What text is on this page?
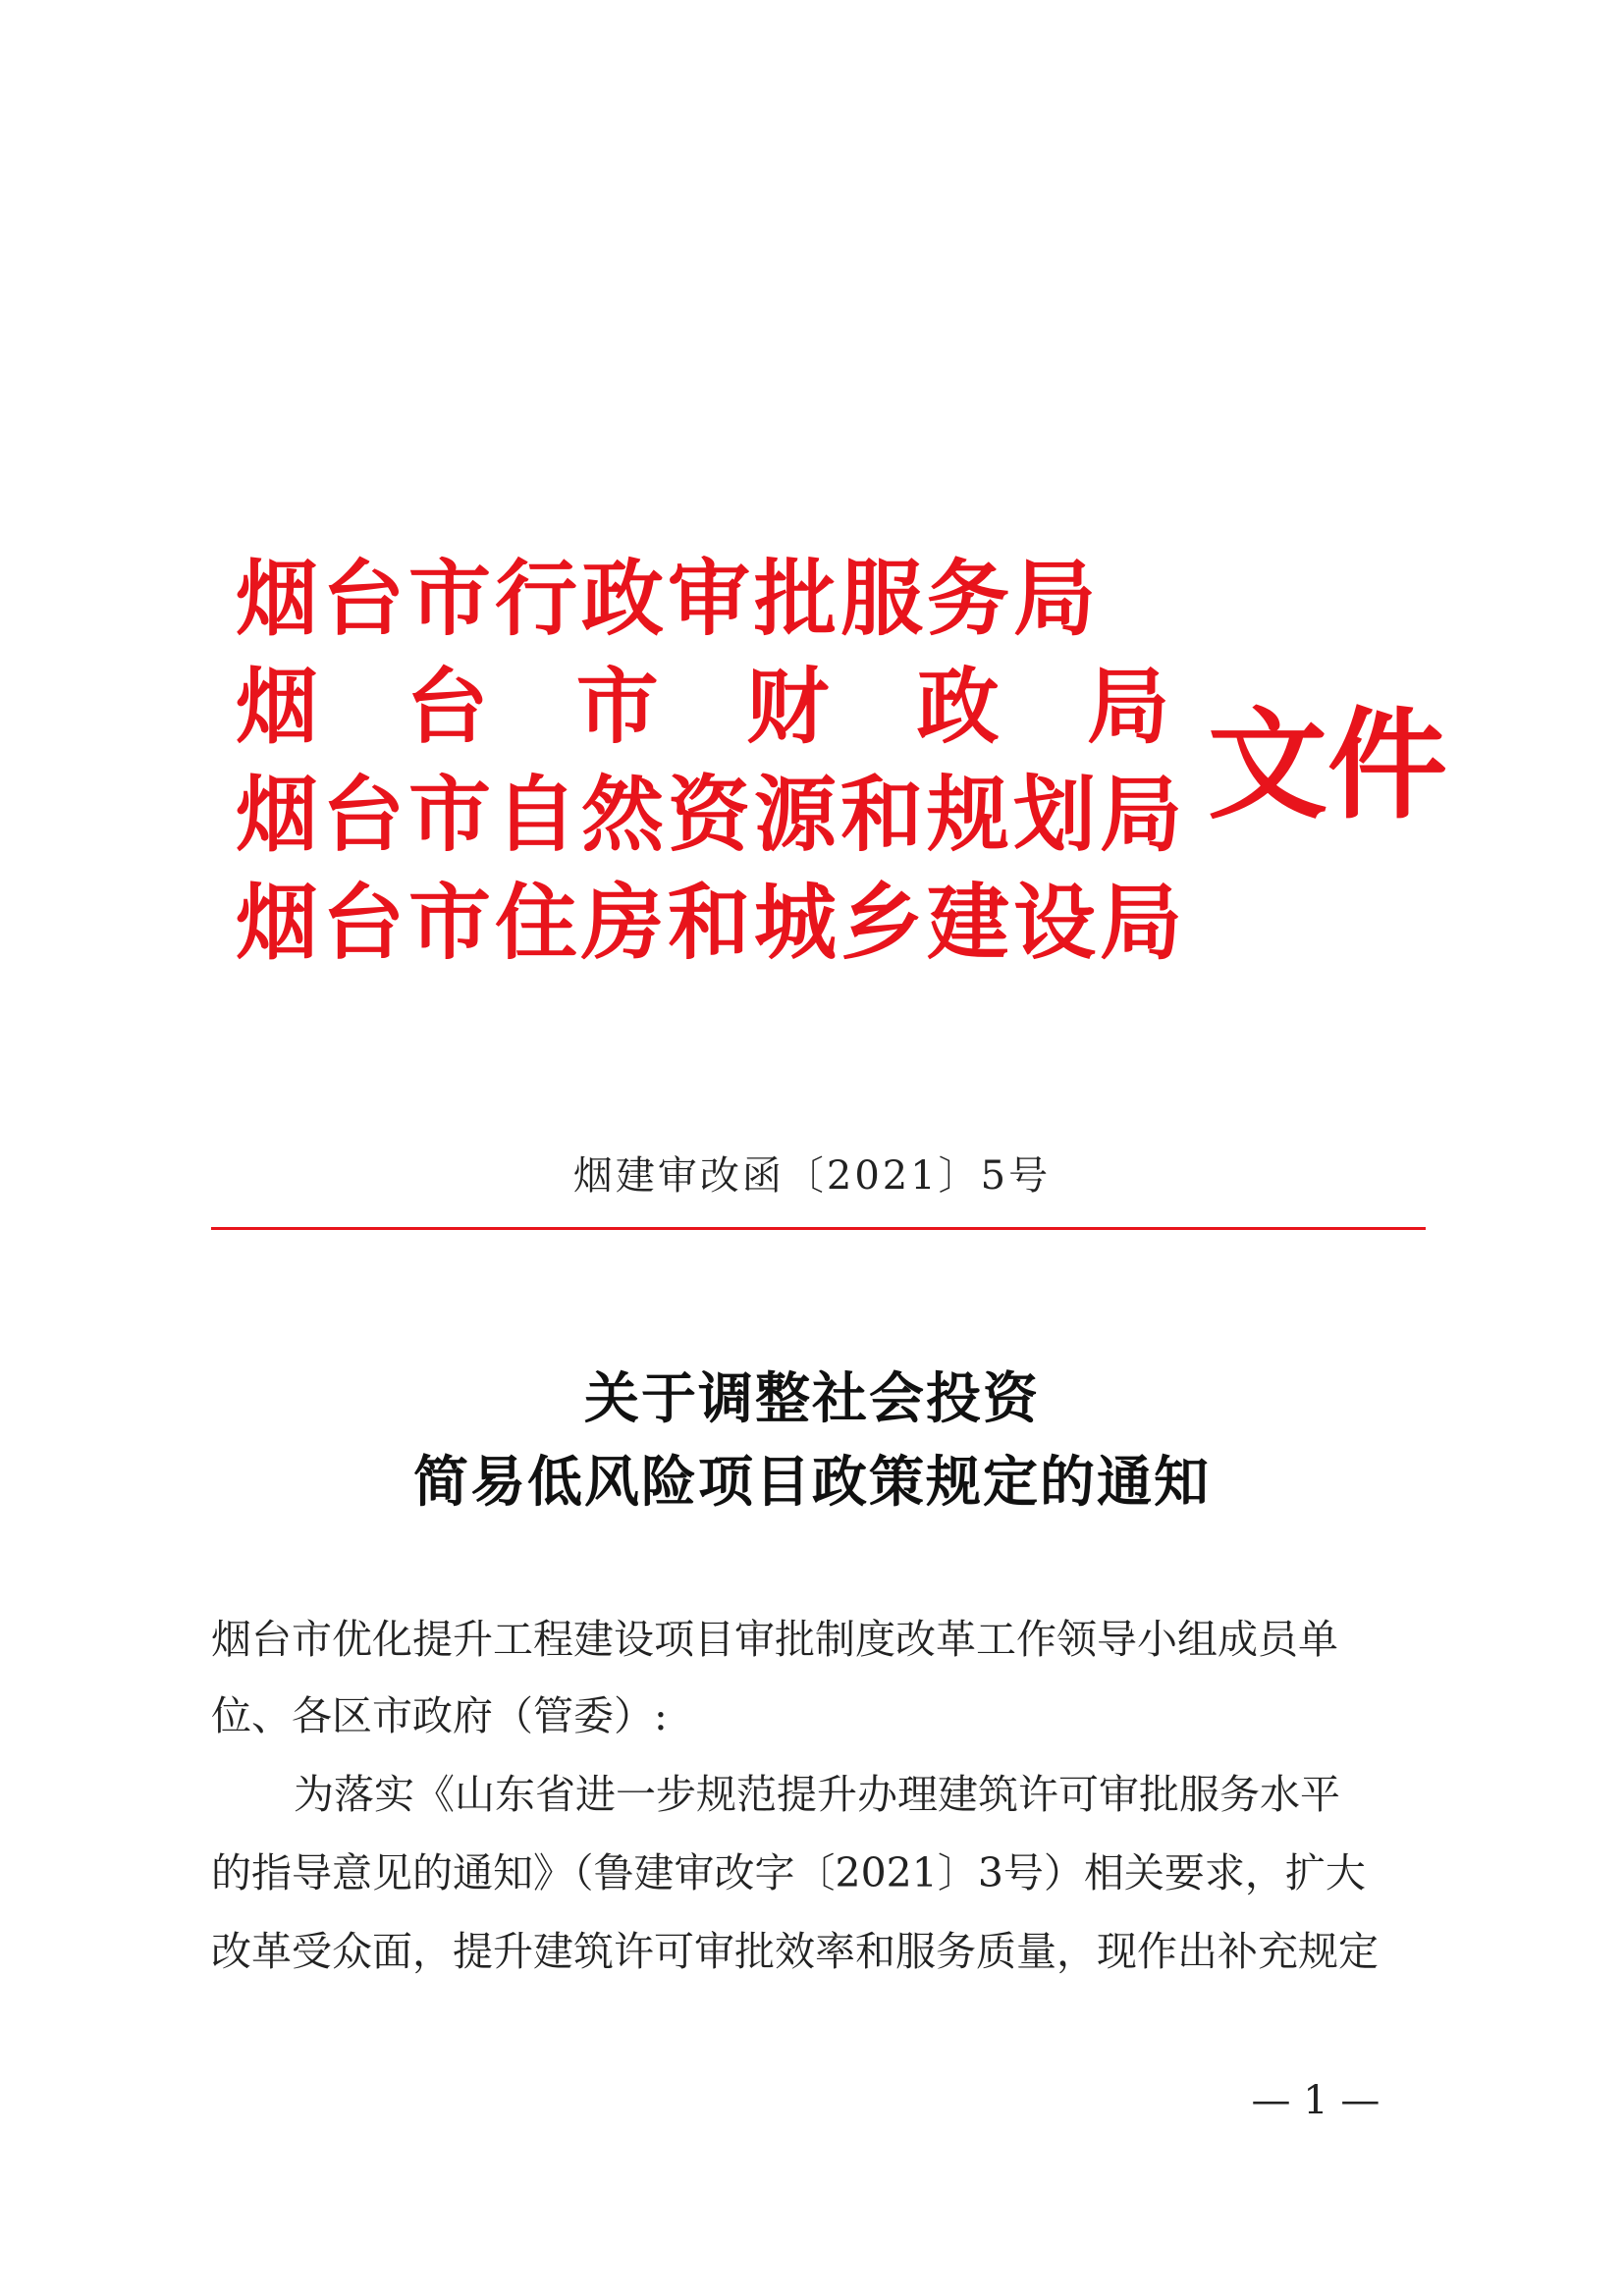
烟台市行政审批服务局
烟 台 市 财 政 局
烟台市自然资源和规划局
烟台市住房和城乡建设局
文件
烟建审改函〔2021〕5号
关于调整社会投资
简易低风险项目政策规定的通知
烟台市优化提升工程建设项目审批制度改革工作领导小组成员单
位、各区市政府（管委）:
为落实《山东省进一步规范提升办理建筑许可审批服务水平
的指导意见的通知》（鲁建审改字〔2021〕3号）相关要求，扩大
改革受众面，提升建筑许可审批效率和服务质量，现作出补充规定
— 1 —
